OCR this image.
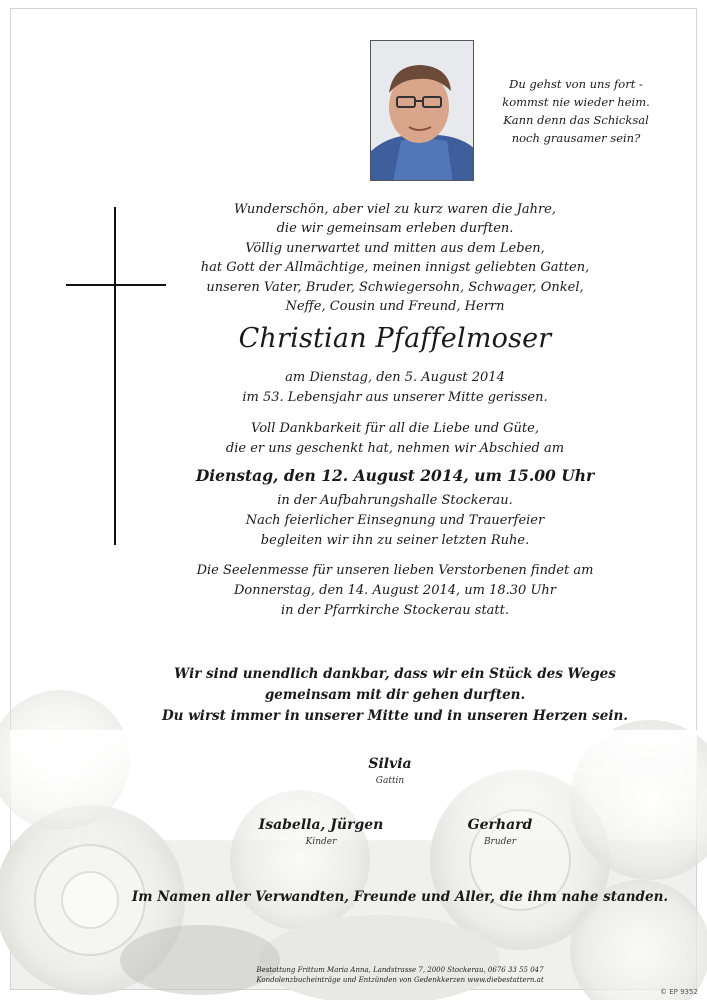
Du gehst von uns fort -
kommst nie wieder heim.
Kann denn das Schicksal
noch grausamer sein?
Wunderschön, aber viel zu kurz waren die Jahre,
die wir gemeinsam erleben durften.
Völlig unerwartet und mitten aus dem Leben,
hat Gott der Allmächtige, meinen innigst geliebten Gatten,
unseren Vater, Bruder, Schwiegersohn, Schwager, Onkel,
Neffe, Cousin und Freund, Herrn
Christian Pfaffelmoser
am Dienstag, den 5. August 2014
im 53. Lebensjahr aus unserer Mitte gerissen.
Voll Dankbarkeit für all die Liebe und Güte,
die er uns geschenkt hat, nehmen wir Abschied am
Dienstag, den 12. August 2014, um 15.00 Uhr
in der Aufbahrungshalle Stockerau.
Nach feierlicher Einsegnung und Trauerfeier
begleiten wir ihn zu seiner letzten Ruhe.
Die Seelenmesse für unseren lieben Verstorbenen findet am
Donnerstag, den 14. August 2014, um 18.30 Uhr
in der Pfarrkirche Stockerau statt.
Wir sind unendlich dankbar, dass wir ein Stück des Weges
gemeinsam mit dir gehen durften.
Du wirst immer in unserer Mitte und in unseren Herzen sein.
Silvia
Gattin
Isabella, Jürgen
Kinder
Gerhard
Bruder
Im Namen aller Verwandten, Freunde und Aller, die ihm nahe standen.
Bestattung Frittum Maria Anna, Landstrasse 7, 2000 Stockerau, 0676 33 55 047
Kondolenzbucheinträge und Entzünden von Gedenkkerzen www.diebestattern.at
© EP 9352
